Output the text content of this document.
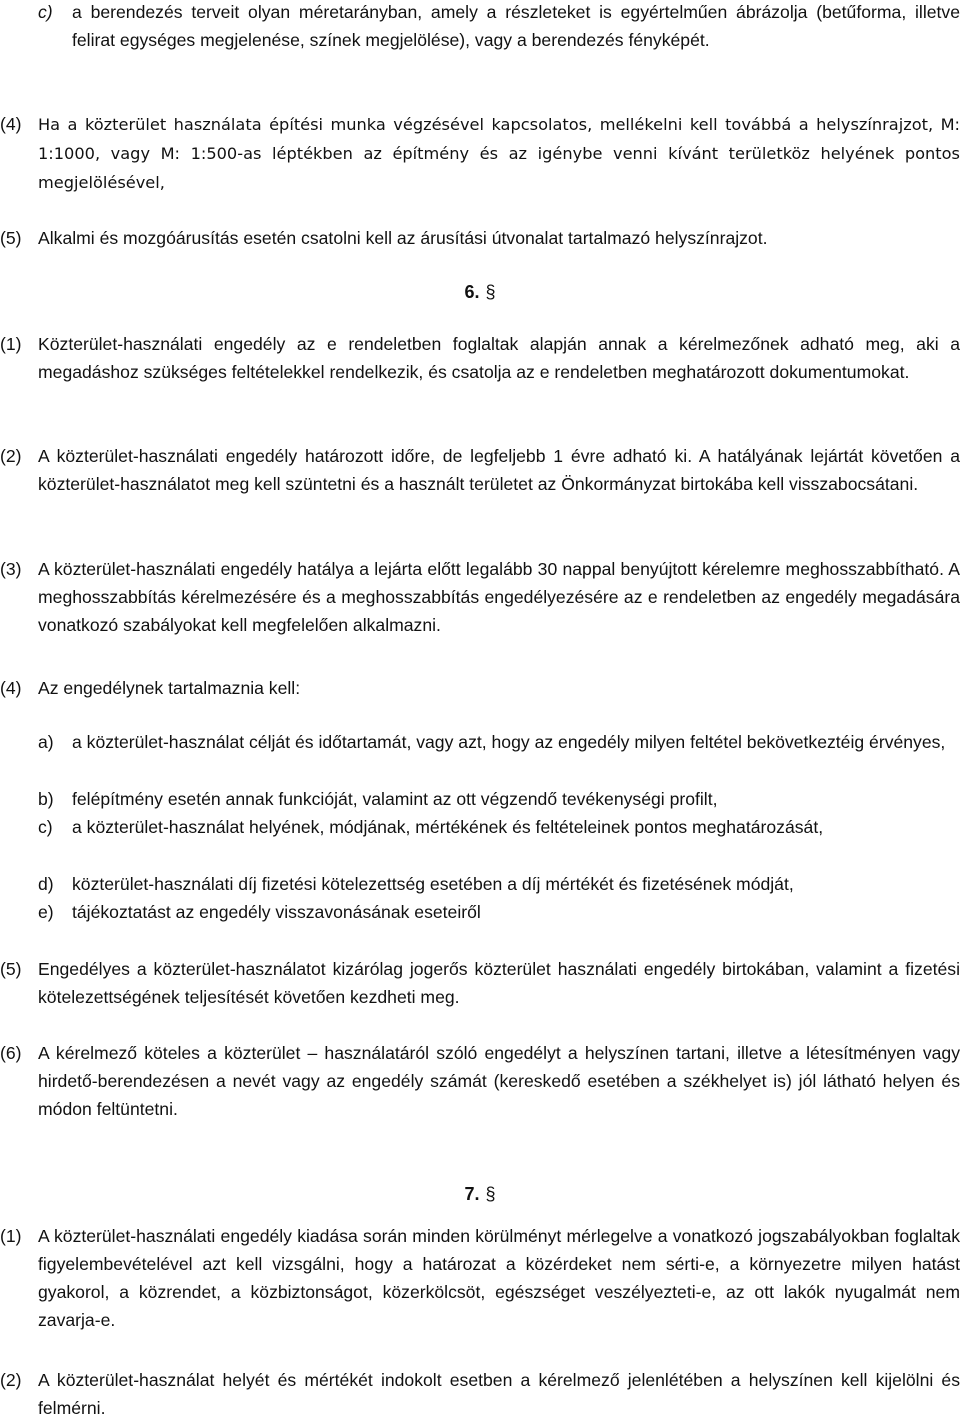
c) a berendezés terveit olyan méretarányban, amely a részleteket is egyértelműen ábrázolja (betűforma, illetve felirat egységes megjelenése, színek megjelölése), vagy a berendezés fényképét.
(4) Ha a közterület használata építési munka végzésével kapcsolatos, mellékelni kell továbbá a helyszínrajzot, M: 1:1000, vagy M: 1:500-as léptékben az építmény és az igénybe venni kívánt területköz helyének pontos megjelölésével,
(5) Alkalmi és mozgóárusítás esetén csatolni kell az árusítási útvonalat tartalmazó helyszínrajzot.
6. §
(1) Közterület-használati engedély az e rendeletben foglaltak alapján annak a kérelmezőnek adható meg, aki a megadáshoz szükséges feltételekkel rendelkezik, és csatolja az e rendeletben meghatározott dokumentumokat.
(2) A közterület-használati engedély határozott időre, de legfeljebb 1 évre adható ki. A hatályának lejártát követően a közterület-használatot meg kell szüntetni és a használt területet az Önkormányzat birtokába kell visszabocsátani.
(3) A közterület-használati engedély hatálya a lejárta előtt legalább 30 nappal benyújtott kérelemre meghosszabbítható. A meghosszabbítás kérelmezésére és a meghosszabbítás engedélyezésére az e rendeletben az engedély megadására vonatkozó szabályokat kell megfelelően alkalmazni.
(4) Az engedélynek tartalmaznia kell:
a) a közterület-használat célját és időtartamát, vagy azt, hogy az engedély milyen feltétel bekövetkeztéig érvényes,
b) felépítmény esetén annak funkcióját, valamint az ott végzendő tevékenységi profilt,
c) a közterület-használat helyének, módjának, mértékének és feltételeinek pontos meghatározását,
d) közterület-használati díj fizetési kötelezettség esetében a díj mértékét és fizetésének módját,
e) tájékoztatást az engedély visszavonásának eseteiről
(5) Engedélyes a közterület-használatot kizárólag jogerős közterület használati engedély birtokában, valamint a fizetési kötelezettségének teljesítését követően kezdheti meg.
(6) A kérelmező köteles a közterület – használatáról szóló engedélyt a helyszínen tartani, illetve a létesítményen vagy hirdető-berendezésen a nevét vagy az engedély számát (kereskedő esetében a székhelyet is) jól látható helyen és módon feltüntetni.
7. §
(1) A közterület-használati engedély kiadása során minden körülményt mérlegelve a vonatkozó jogszabályokban foglaltak figyelembevételével azt kell vizsgálni, hogy a határozat a közérdeket nem sérti-e, a környezetre milyen hatást gyakorol, a közrendet, a közbiztonságot, közerkölcsöt, egészséget veszélyezteti-e, az ott lakók nyugalmát nem zavarja-e.
(2) A közterület-használat helyét és mértékét indokolt esetben a kérelmező jelenlétében a helyszínen kell kijelölni és felmérni.
